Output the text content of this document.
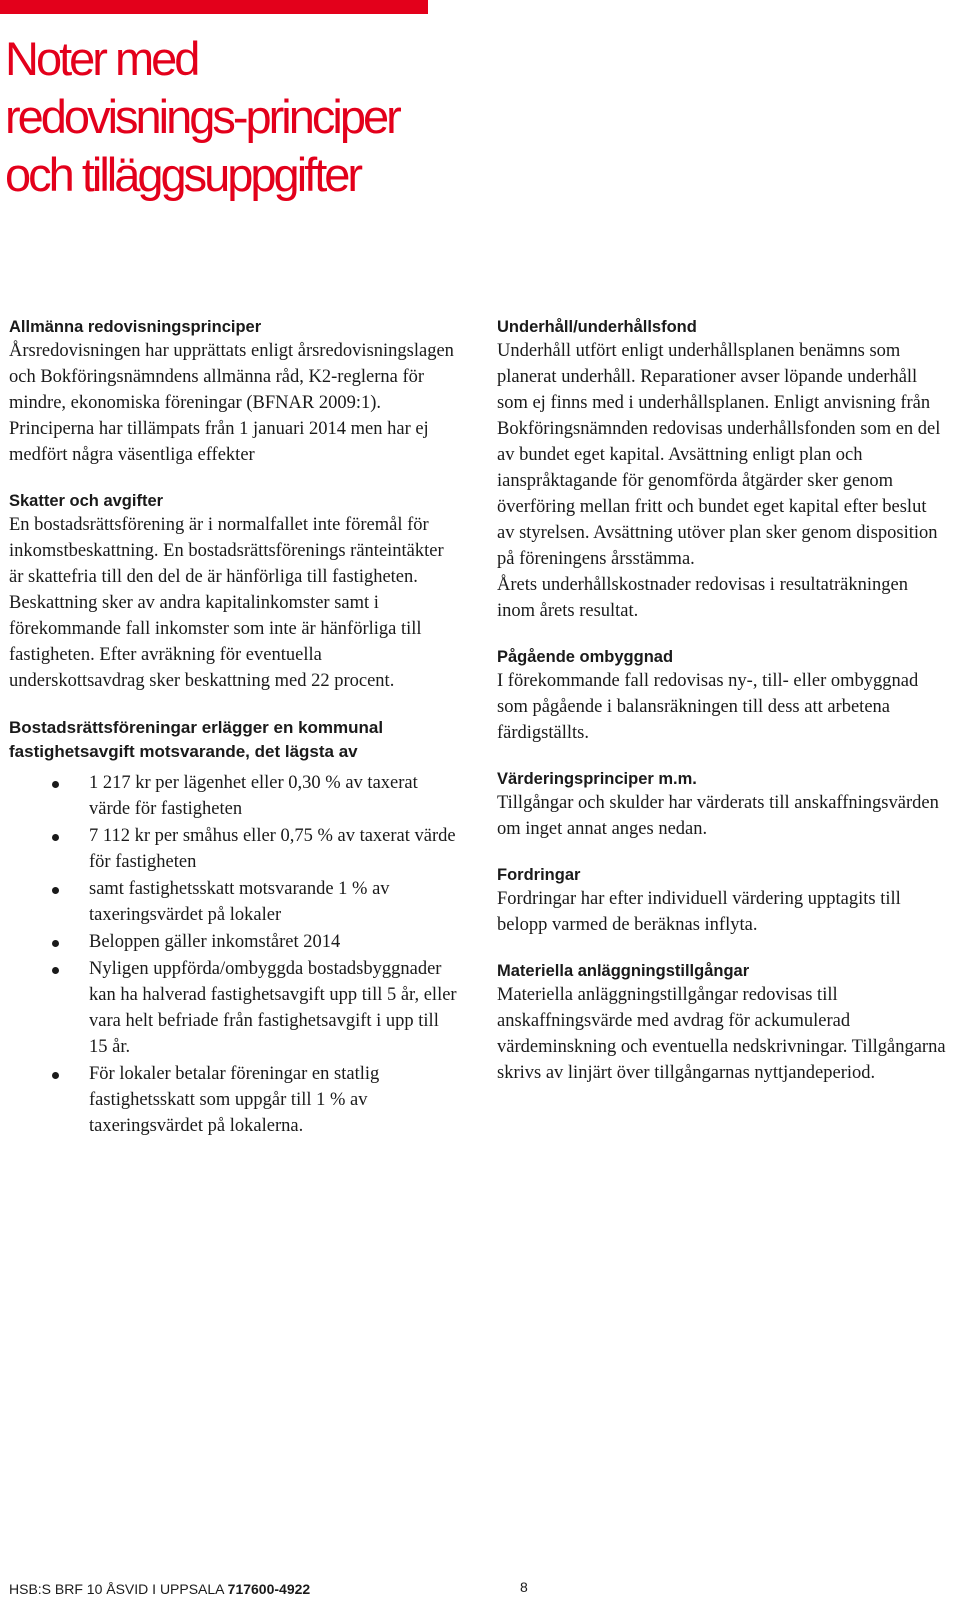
Noter med redovisnings-principer och tilläggsuppgifter
Allmänna redovisningsprinciper

Årsredovisningen har upprättats enligt årsredovisningslagen och Bokföringsnämndens allmänna råd, K2-reglerna för mindre, ekonomiska föreningar (BFNAR 2009:1). Principerna har tillämpats från 1 januari 2014 men har ej medfört några väsentliga effekter

Skatter och avgifter

En bostadsrättsförening är i normalfallet inte föremål för inkomstbeskattning. En bostadsrättsförenings ränteintäkter är skattefria till den del de är hänförliga till fastigheten. Beskattning sker av andra kapitalinkomster samt i förekommande fall inkomster som inte är hänförliga till fastigheten. Efter avräkning för eventuella underskottsavdrag sker beskattning med 22 procent.

Bostadsrättsföreningar erlägger en kommunal fastighetsavgift motsvarande, det lägsta av
1 217 kr per lägenhet eller 0,30 % av taxerat värde för fastigheten
7 112 kr per småhus eller 0,75 % av taxerat värde för fastigheten
samt fastighetsskatt motsvarande 1 % av taxeringsvärdet på lokaler
Beloppen gäller inkomståret 2014
Nyligen uppförda/ombyggda bostadsbyggnader kan ha halverad fastighetsavgift upp till 5 år, eller vara helt befriade från fastighetsavgift i upp till 15 år.
För lokaler betalar föreningar en statlig fastighetsskatt som uppgår till 1 % av taxeringsvärdet på lokalerna.
Underhåll/underhållsfond

Underhåll utfört enligt underhållsplanen benämns som planerat underhåll. Reparationer avser löpande underhåll som ej finns med i underhållsplanen. Enligt anvisning från Bokföringsnämnden redovisas underhållsfonden som en del av bundet eget kapital. Avsättning enligt plan och ianspråktagande för genomförda åtgärder sker genom överföring mellan fritt och bundet eget kapital efter beslut av styrelsen. Avsättning utöver plan sker genom disposition på föreningens årsstämma.

Årets underhållskostnader redovisas i resultaträkningen inom årets resultat.

Pågående ombyggnad

I förekommande fall redovisas ny-, till- eller ombyggnad som pågående i balansräkningen till dess att arbetena färdigställts.

Värderingsprinciper m.m.

Tillgångar och skulder har värderats till anskaffningsvärden om inget annat anges nedan.

Fordringar

Fordringar har efter individuell värdering upptagits till belopp varmed de beräknas inflyta.

Materiella anläggningstillgångar

Materiella anläggningstillgångar redovisas till anskaffningsvärde med avdrag för ackumulerad värdeminskning och eventuella nedskrivningar. Tillgångarna skrivs av linjärt över tillgångarnas nyttjandeperiod.

HSB:S BRF 10 ÅSVID I UPPSALA 717600-4922	8
